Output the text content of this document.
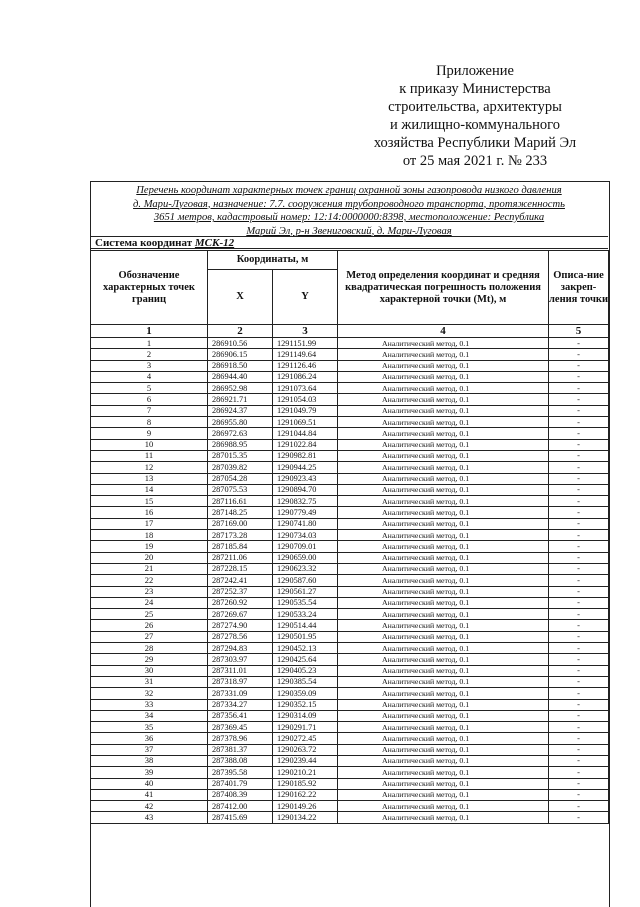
Приложение
к приказу Министерства
строительства, архитектуры
и жилищно-коммунального
хозяйства Республики Марий Эл
от 25 мая 2021 г. № 233
Перечень координат характерных точек границ охранной зоны газопровода низкого давления
д. Мари-Луговая, назначение: 7.7. сооружения трубопроводного транспорта, протяженность
3651 метров, кадастровый номер: 12:14:0000000:8398, местоположение: Республика
Марий Эл, р-н Звениговский, д. Мари-Луговая
Система координат МСК-12
Обозначение характерных точек границ	Координаты, м		Метод определения координат и средняя квадратическая погрешность положения характерной точки (Mt), м	Описа-ние закреп-ления точки
	X	Y		
1	2	3	4	5
1	286910.56	1291151.99	Аналитический метод, 0.1	-
2	286906.15	1291149.64	Аналитический метод, 0.1	-
3	286918.50	1291126.46	Аналитический метод, 0.1	-
4	286944.40	1291086.24	Аналитический метод, 0.1	-
5	286952.98	1291073.64	Аналитический метод, 0.1	-
6	286921.71	1291054.03	Аналитический метод, 0.1	-
7	286924.37	1291049.79	Аналитический метод, 0.1	-
8	286955.80	1291069.51	Аналитический метод, 0.1	-
9	286972.63	1291044.84	Аналитический метод, 0.1	-
10	286988.95	1291022.84	Аналитический метод, 0.1	-
11	287015.35	1290982.81	Аналитический метод, 0.1	-
12	287039.82	1290944.25	Аналитический метод, 0.1	-
13	287054.28	1290923.43	Аналитический метод, 0.1	-
14	287075.53	1290894.70	Аналитический метод, 0.1	-
15	287116.61	1290832.75	Аналитический метод, 0.1	-
16	287148.25	1290779.49	Аналитический метод, 0.1	-
17	287169.00	1290741.80	Аналитический метод, 0.1	-
18	287173.28	1290734.03	Аналитический метод, 0.1	-
19	287185.84	1290709.01	Аналитический метод, 0.1	-
20	287211.06	1290659.00	Аналитический метод, 0.1	-
21	287228.15	1290623.32	Аналитический метод, 0.1	-
22	287242.41	1290587.60	Аналитический метод, 0.1	-
23	287252.37	1290561.27	Аналитический метод, 0.1	-
24	287260.92	1290535.54	Аналитический метод, 0.1	-
25	287269.67	1290533.24	Аналитический метод, 0.1	-
26	287274.90	1290514.44	Аналитический метод, 0.1	-
27	287278.56	1290501.95	Аналитический метод, 0.1	-
28	287294.83	1290452.13	Аналитический метод, 0.1	-
29	287303.97	1290425.64	Аналитический метод, 0.1	-
30	287311.01	1290405.23	Аналитический метод, 0.1	-
31	287318.97	1290385.54	Аналитический метод, 0.1	-
32	287331.09	1290359.09	Аналитический метод, 0.1	-
33	287334.27	1290352.15	Аналитический метод, 0.1	-
34	287356.41	1290314.09	Аналитический метод, 0.1	-
35	287369.45	1290291.71	Аналитический метод, 0.1	-
36	287378.96	1290272.45	Аналитический метод, 0.1	-
37	287381.37	1290263.72	Аналитический метод, 0.1	-
38	287388.08	1290239.44	Аналитический метод, 0.1	-
39	287395.58	1290210.21	Аналитический метод, 0.1	-
40	287401.79	1290185.92	Аналитический метод, 0.1	-
41	287408.39	1290162.22	Аналитический метод, 0.1	-
42	287412.00	1290149.26	Аналитический метод, 0.1	-
43	287415.69	1290134.22	Аналитический метод, 0.1	-
